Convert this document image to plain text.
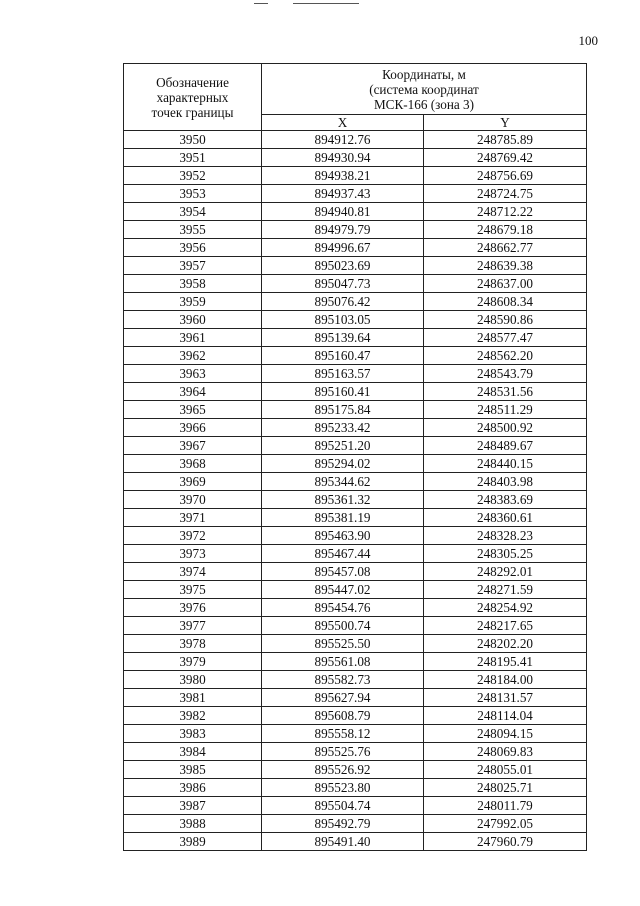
100
Обозначение
характерных
точек границы	Координаты, м
(система координат
МСК-166 (зона 3)	

	X	Y
3950	894912.76	248785.89
3951	894930.94	248769.42
3952	894938.21	248756.69
3953	894937.43	248724.75
3954	894940.81	248712.22
3955	894979.79	248679.18
3956	894996.67	248662.77
3957	895023.69	248639.38
3958	895047.73	248637.00
3959	895076.42	248608.34
3960	895103.05	248590.86
3961	895139.64	248577.47
3962	895160.47	248562.20
3963	895163.57	248543.79
3964	895160.41	248531.56
3965	895175.84	248511.29
3966	895233.42	248500.92
3967	895251.20	248489.67
3968	895294.02	248440.15
3969	895344.62	248403.98
3970	895361.32	248383.69
3971	895381.19	248360.61
3972	895463.90	248328.23
3973	895467.44	248305.25
3974	895457.08	248292.01
3975	895447.02	248271.59
3976	895454.76	248254.92
3977	895500.74	248217.65
3978	895525.50	248202.20
3979	895561.08	248195.41
3980	895582.73	248184.00
3981	895627.94	248131.57
3982	895608.79	248114.04
3983	895558.12	248094.15
3984	895525.76	248069.83
3985	895526.92	248055.01
3986	895523.80	248025.71
3987	895504.74	248011.79
3988	895492.79	247992.05
3989	895491.40	247960.79
